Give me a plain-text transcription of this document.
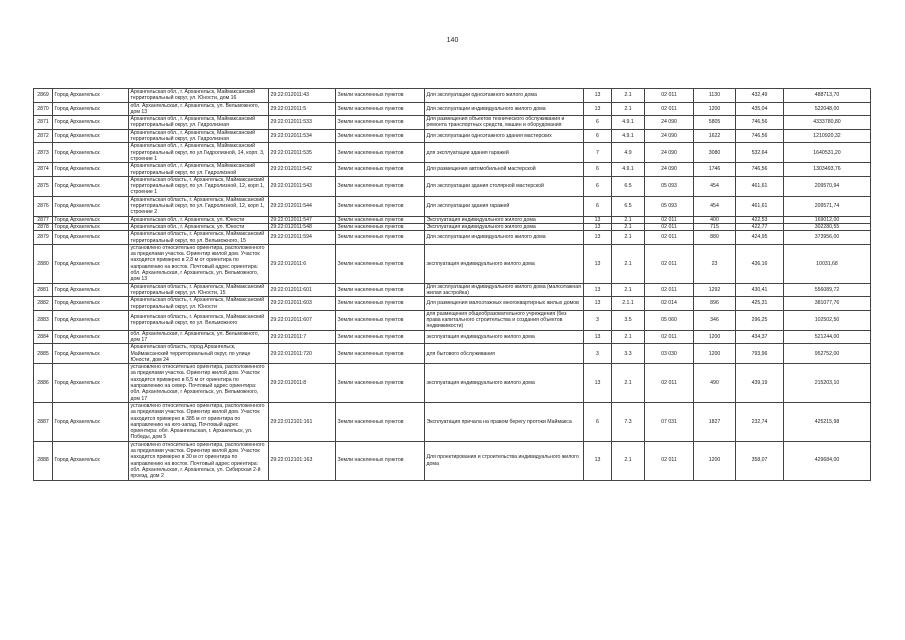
140
2869	Город Архангельск	Архангельская обл., г. Архангельск, Маймаксанский территориальный округ, ул. Юности, дом 16	29:22:012011:43	Земли населенных пунктов	Для эксплуатации одноэтажного жилого дома	13	2.1	02 011	1130	432,49	488713,70
2870	Город Архангельск	обл. Архангельская, г. Архангельск, ул. Вельможного, дом 13	29:22:012011:5	Земли населенных пунктов	Для эксплуатации индивидуального жилого дома	13	2.1	02 011	1200	435,04	522048,00
2871	Город Архангельск	Архангельская обл., г. Архангельск, Маймаксанский территориальный округ, ул. Гидролизная	29:22:012011:533	Земли населенных пунктов	Для размещения объектов технического обслуживания и ремонта транспортных средств, машин и оборудования	6	4.9.1	24 090	5805	746,56	4333780,80
2872	Город Архангельск	Архангельская обл., г. Архангельск, Маймаксанский территориальный округ, ул. Гидролизная	29:22:012011:534	Земли населенных пунктов	Для эксплуатации одноэтажного здания мастерских	6	4.9.1	24 090	1622	746,56	1210920,32
2873	Город Архангельск	Архангельская обл., г. Архангельск, Маймаксанский территориальный округ, по ул.Гидролизной, 14, корп. 3, строение 1	29:22:012011:535	Земли населенных пунктов	для эксплуатации здания гаражей	7	4.9	24 090	3080	532,64	1640531,20
2874	Город Архангельск	Архангельская обл., г. Архангельск, Маймаксанский территориальный округ, по ул. Гидролизной	29:22:012011:542	Земли населенных пунктов	Для размещения автомобильной мастерской	6	4.9.1	24 090	1746	746,56	1303493,76
2875	Город Архангельск	Архангельская область, г. Архангельск, Маймаксанский территориальный округ, по ул. Гидролизной, 12, корп 1, строение 1	29:22:012011:543	Земли населенных пунктов	Для эксплуатации здания столярной мастерской	6	6.5	05 093	454	461,61	209570,94
2876	Город Архангельск	Архангельская область, г. Архангельск, Маймаксанский территориальный округ, по ул. Гидролизной, 12, корп 1, строение 2	29:22:012011:544	Земли населенных пунктов	Для эксплуатации здания гаражей	6	6.5	05 093	454	461,61	209571,74
2877	Город Архангельск	Архангельская обл., г. Архангельск, ул. Юности	29:22:012011:547	Земли населенных пунктов	Эксплуатация индивидуального жилого дома	13	2.1	02 011	400	422,53	169012,00
2878	Город Архангельск	Архангельская обл., г. Архангельск, ул. Юности	29:22:012011:548	Земли населенных пунктов	Эксплуатация индивидуального жилого дома	13	2.1	02 011	715	422,77	302280,55
2879	Город Архангельск	Архангельская область, г. Архангельск, Маймаксанский территориальный округ, по ул. Вельможного, 15	29:22:012011:594	Земли населенных пунктов	Для эксплуатации индивидуального жилого дома	13	2.1	02 011	880	424,95	373956,00
2880	Город Архангельск	установлено относительно ориентира, расположенного за пределами участка. Ориентир жилой дом. Участок находится примерно в 2,8 м от ориентира по направлению на восток. Почтовый адрес ориентира: обл. Архангельская, г Архангельск, ул. Вельможного, дом 13	29:22:012011:6	Земли населенных пунктов	эксплуатация индивидуального жилого дома	13	2.1	02 011	23	436,16	10031,68
2881	Город Архангельск	Архангельская область, г. Архангельск, Маймаксанский территориальный округ, ул. Юности, 15	29:22:012011:601	Земли населенных пунктов	Для эксплуатации индивидуального жилого дома (малоэтажная жилая застройка)	13	2.1	02 011	1292	430,41	556089,72
2882	Город Архангельск	Архангельская область, г. Архангельск, Маймаксанский территориальный округ, ул. Юности	29:22:012011:603	Земли населенных пунктов	Для размещения малоэтажных многоквартирных жилых домов	13	2.1.1	02 014	896	425,31	381077,76
2883	Город Архангельск	Архангельская область, г. Архангельск, Маймаксанский территориальный округ, по ул. Вельможного	29:22:012011:607	Земли населенных пунктов	для размещения общеобразовательного учреждения (без права капитального строительства и создания объектов недвижимости)	3	3.5	05 060	346	296,25	102502,50
2884	Город Архангельск	обл. Архангельская, г. Архангельск, ул. Вельможного, дом 17	29:22:012011:7	Земли населенных пунктов	эксплуатация индивидуального жилого дома	13	2.1	02 011	1200	434,37	521244,00
2885	Город Архангельск	Архангельская область, город Архангельск, Маймаксанский территориальный округ, по улице Юности, дом 24	29:22:012011:720	Земли населенных пунктов	для бытового обслуживания	3	3.3	03 030	1200	793,96	952752,00
2886	Город Архангельск	установлено относительно ориентира, расположенного за пределами участка. Ориентир жилой дом. Участок находится примерно в 6,5 м от ориентира по направлению на север. Почтовый адрес ориентира: обл. Архангельская, г Архангельск, ул. Вельможного, дом 17	29:22:012011:8	Земли населенных пунктов	эксплуатация индивидуального жилого дома	13	2.1	02 011	490	439,19	215203,10
2887	Город Архангельск	установлено относительно ориентира, расположенного за пределами участка. Ориентир жилой дом. Участок находится примерно в 385 м от ориентира по направлению на юго-запад. Почтовый адрес ориентира: обл. Архангельская, г. Архангельск, ул. Победы, дом 5	29:22:012101:161	Земли населенных пунктов	Эксплуатация причала на правом берегу протоки Маймакса	6	7.3	07 031	1827	232,74	425215,98
2888	Город Архангельск	установлено относительно ориентира, расположенного за пределами участка. Ориентир жилой дом. Участок находится примерно в 30 м от ориентира по направлению на восток. Почтовый адрес ориентира: обл. Архангельская, г. Архангельск, ул. Сибирская 2-й проезд, дом 2	29:22:012101:163	Земли населенных пунктов	Для проектирования и строительства индивидуального жилого дома	13	2.1	02 011	1200	358,07	429684,00
